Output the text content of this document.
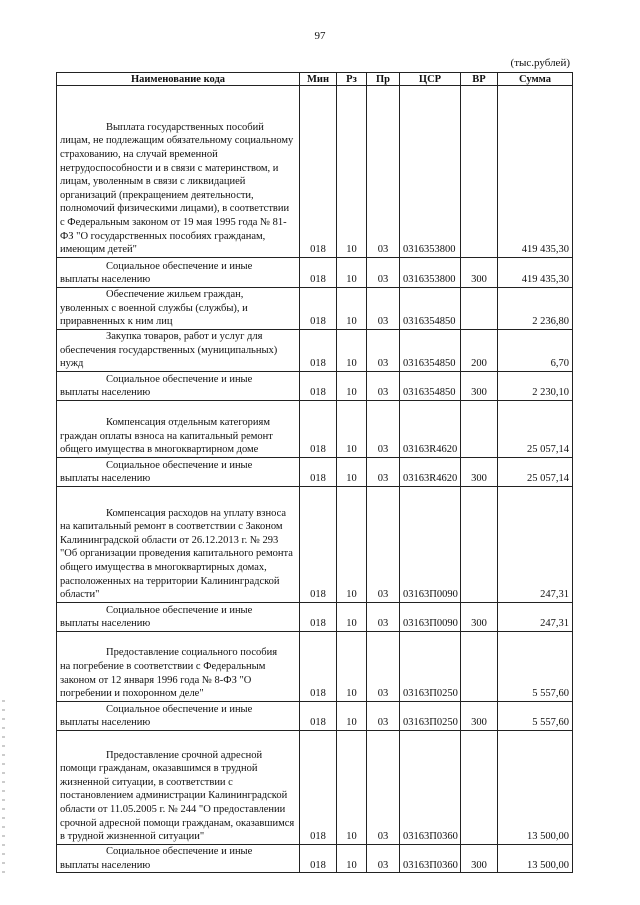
97
(тыс.рублей)
Наименование кода	Мин	Рз	Пр	ЦСР	ВР	Сумма

Выплата государственных пособий
лицам, не подлежащим обязательному социальному страхованию, на случай временной нетрудоспособности и в связи с материнством, и лицам, уволенным в связи с ликвидацией организаций (прекращением деятельности, полномочий физическими лицами), в соответствии с Федеральным законом от 19 мая 1995 года № 81-ФЗ "О государственных пособиях гражданам, имеющим детей"	018	10	03	0316353800		419 435,30

Социальное обеспечение и иные
выплаты населению	018	10	03	0316353800	300	419 435,30

Обеспечение жильем граждан,
уволенных с военной службы (службы), и приравненных к ним лиц	018	10	03	0316354850		2 236,80

Закупка товаров, работ и услуг для
обеспечения государственных (муниципальных) нужд	018	10	03	0316354850	200	6,70

Социальное обеспечение и иные
выплаты населению	018	10	03	0316354850	300	2 230,10

Компенсация отдельным категориям
граждан оплаты взноса на капитальный ремонт общего имущества в многоквартирном доме	018	10	03	03163R4620		25 057,14

Социальное обеспечение и иные
выплаты населению	018	10	03	03163R4620	300	25 057,14

Компенсация расходов на уплату взноса
на капитальный ремонт в соответствии с Законом Калининградской области от 26.12.2013 г. № 293 "Об организации проведения капитального ремонта общего имущества в многоквартирных домах, расположенных на территории Калининградской области"	018	10	03	03163П0090		247,31

Социальное обеспечение и иные
выплаты населению	018	10	03	03163П0090	300	247,31

Предоставление социального пособия
на погребение в соответствии с Федеральным законом от 12 января 1996 года № 8-ФЗ "О погребении и похоронном деле"	018	10	03	03163П0250		5 557,60

Социальное обеспечение и иные
выплаты населению	018	10	03	03163П0250	300	5 557,60

Предоставление срочной адресной
помощи гражданам, оказавшимся в трудной жизненной ситуации, в соответствии с постановлением администрации Калининградской области от 11.05.2005 г. № 244 "О предоставлении срочной адресной помощи гражданам, оказавшимся в трудной жизненной ситуации"	018	10	03	03163П0360		13 500,00

Социальное обеспечение и иные
выплаты населению	018	10	03	03163П0360	300	13 500,00
